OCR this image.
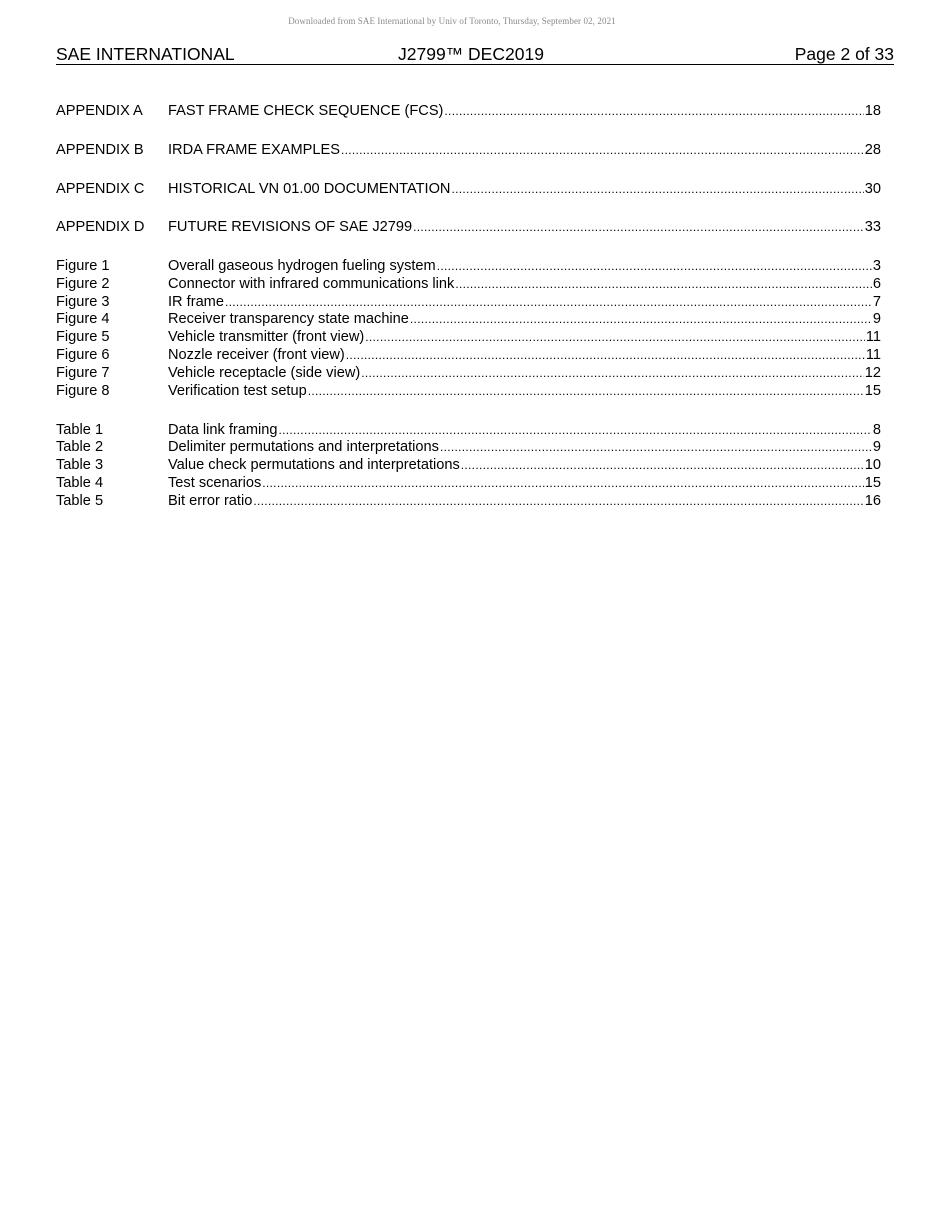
Downloaded from SAE International by Univ of Toronto, Thursday, September 02, 2021
SAE INTERNATIONAL	J2799™ DEC2019	Page 2 of 33
APPENDIX A FAST FRAME CHECK SEQUENCE (FCS) .....	18
APPENDIX B IRDA FRAME EXAMPLES .....	28
APPENDIX C HISTORICAL VN 01.00 DOCUMENTATION .....	30
APPENDIX D FUTURE REVISIONS OF SAE J2799 .....	33
Figure 1	Overall gaseous hydrogen fueling system .....	3
Figure 2	Connector with infrared communications link .....	6
Figure 3	IR frame .....	7
Figure 4	Receiver transparency state machine .....	9
Figure 5	Vehicle transmitter (front view) .....	11
Figure 6	Nozzle receiver (front view) .....	11
Figure 7	Vehicle receptacle (side view) .....	12
Figure 8	Verification test setup .....	15
Table 1	Data link framing .....	8
Table 2	Delimiter permutations and interpretations .....	9
Table 3	Value check permutations and interpretations .....	10
Table 4	Test scenarios .....	15
Table 5	Bit error ratio .....	16
